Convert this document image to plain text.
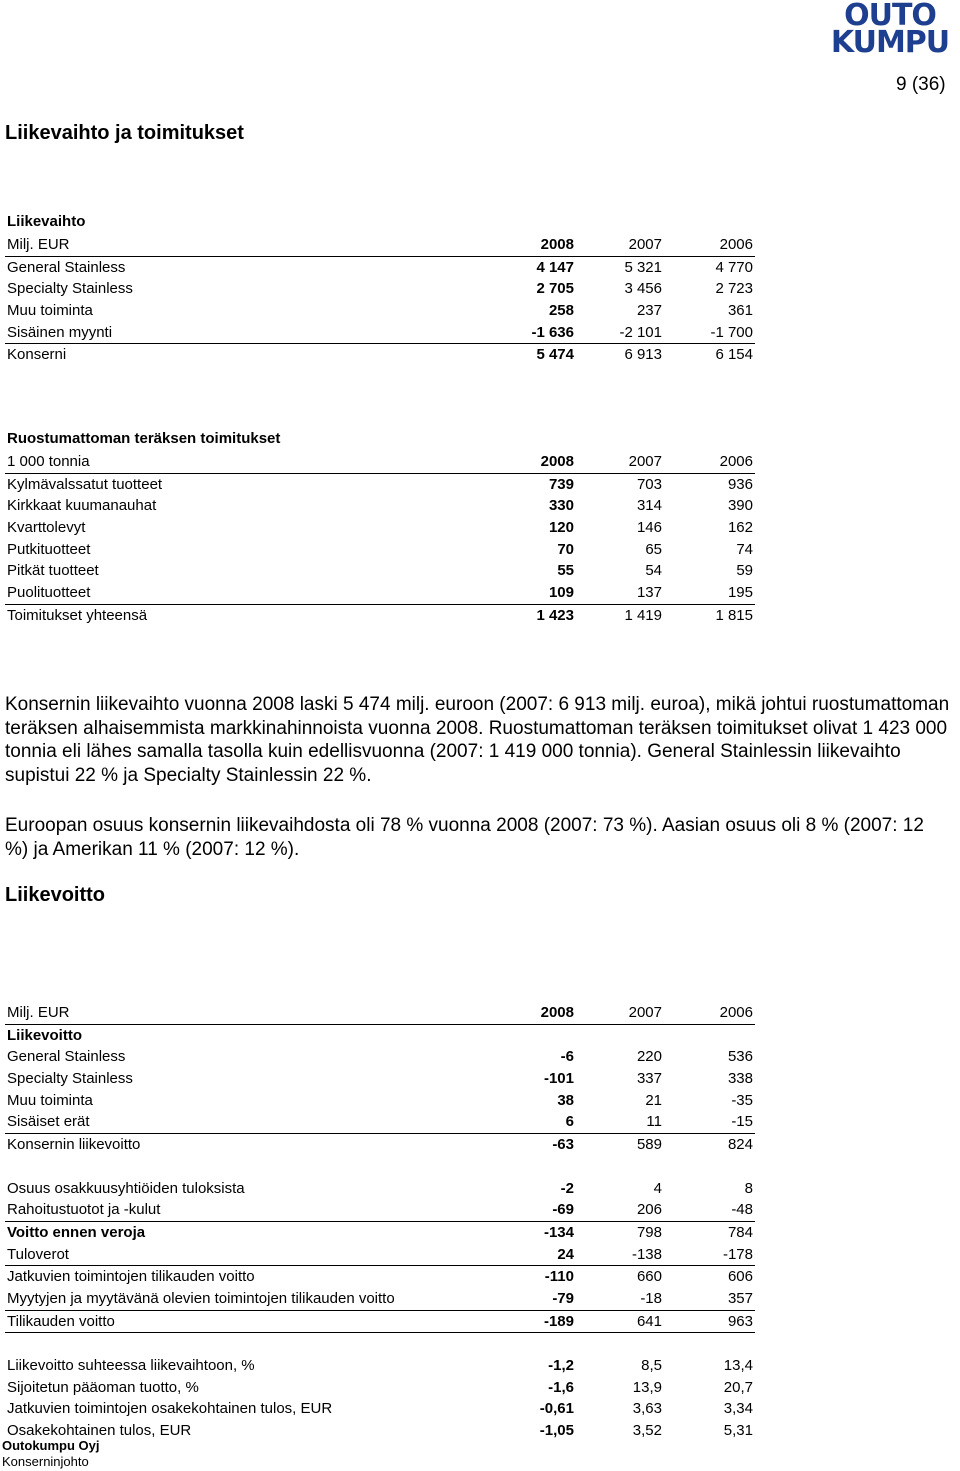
OUTO
KUMPU
9 (36)
Liikevaihto ja toimitukset
Liikevaihto
Milj. EUR	2008	2007	2006
General Stainless	4 147	5 321	4 770
Specialty Stainless	2 705	3 456	2 723
Muu toiminta	258	237	361
Sisäinen myynti	-1 636	-2 101	-1 700
Konserni	5 474	6 913	6 154
Ruostumattoman teräksen toimitukset
1 000 tonnia	2008	2007	2006
Kylmävalssatut tuotteet	739	703	936
Kirkkaat kuumanauhat	330	314	390
Kvarttolevyt	120	146	162
Putkituotteet	70	65	74
Pitkät tuotteet	55	54	59
Puolituotteet	109	137	195
Toimitukset yhteensä	1 423	1 419	1 815
Konsernin liikevaihto vuonna 2008 laski 5 474 milj. euroon (2007: 6 913 milj. euroa), mikä johtui ruostumattoman teräksen alhaisemmista markkinahinnoista vuonna 2008. Ruostumattoman teräksen toimitukset olivat 1 423 000 tonnia eli lähes samalla tasolla kuin edellisvuonna (2007: 1 419 000 tonnia). General Stainlessin liikevaihto supistui 22 % ja Specialty Stainlessin 22 %.
Euroopan osuus konsernin liikevaihdosta oli 78 % vuonna 2008 (2007: 73 %). Aasian osuus oli 8 % (2007: 12 %) ja Amerikan 11 % (2007: 12 %).
Liikevoitto
Milj. EUR	2008	2007	2006
Liikevoitto
General Stainless	-6	220	536
Specialty Stainless	-101	337	338
Muu toiminta	38	21	-35
Sisäiset erät	6	11	-15
Konsernin liikevoitto	-63	589	824
Osuus osakkuusyhtiöiden tuloksista	-2	4	8
Rahoitustuotot ja -kulut	-69	206	-48
Voitto ennen veroja	-134	798	784
Tuloverot	24	-138	-178
Jatkuvien toimintojen tilikauden voitto	-110	660	606
Myytyjen ja myytävänä olevien toimintojen tilikauden voitto	-79	-18	357
Tilikauden voitto	-189	641	963
Liikevoitto suhteessa liikevaihtoon, %	-1,2	8,5	13,4
Sijoitetun pääoman tuotto, %	-1,6	13,9	20,7
Jatkuvien toimintojen osakekohtainen tulos, EUR	-0,61	3,63	3,34
Osakekohtainen tulos, EUR	-1,05	3,52	5,31
Outokumpu Oyj
Konserninjohto
